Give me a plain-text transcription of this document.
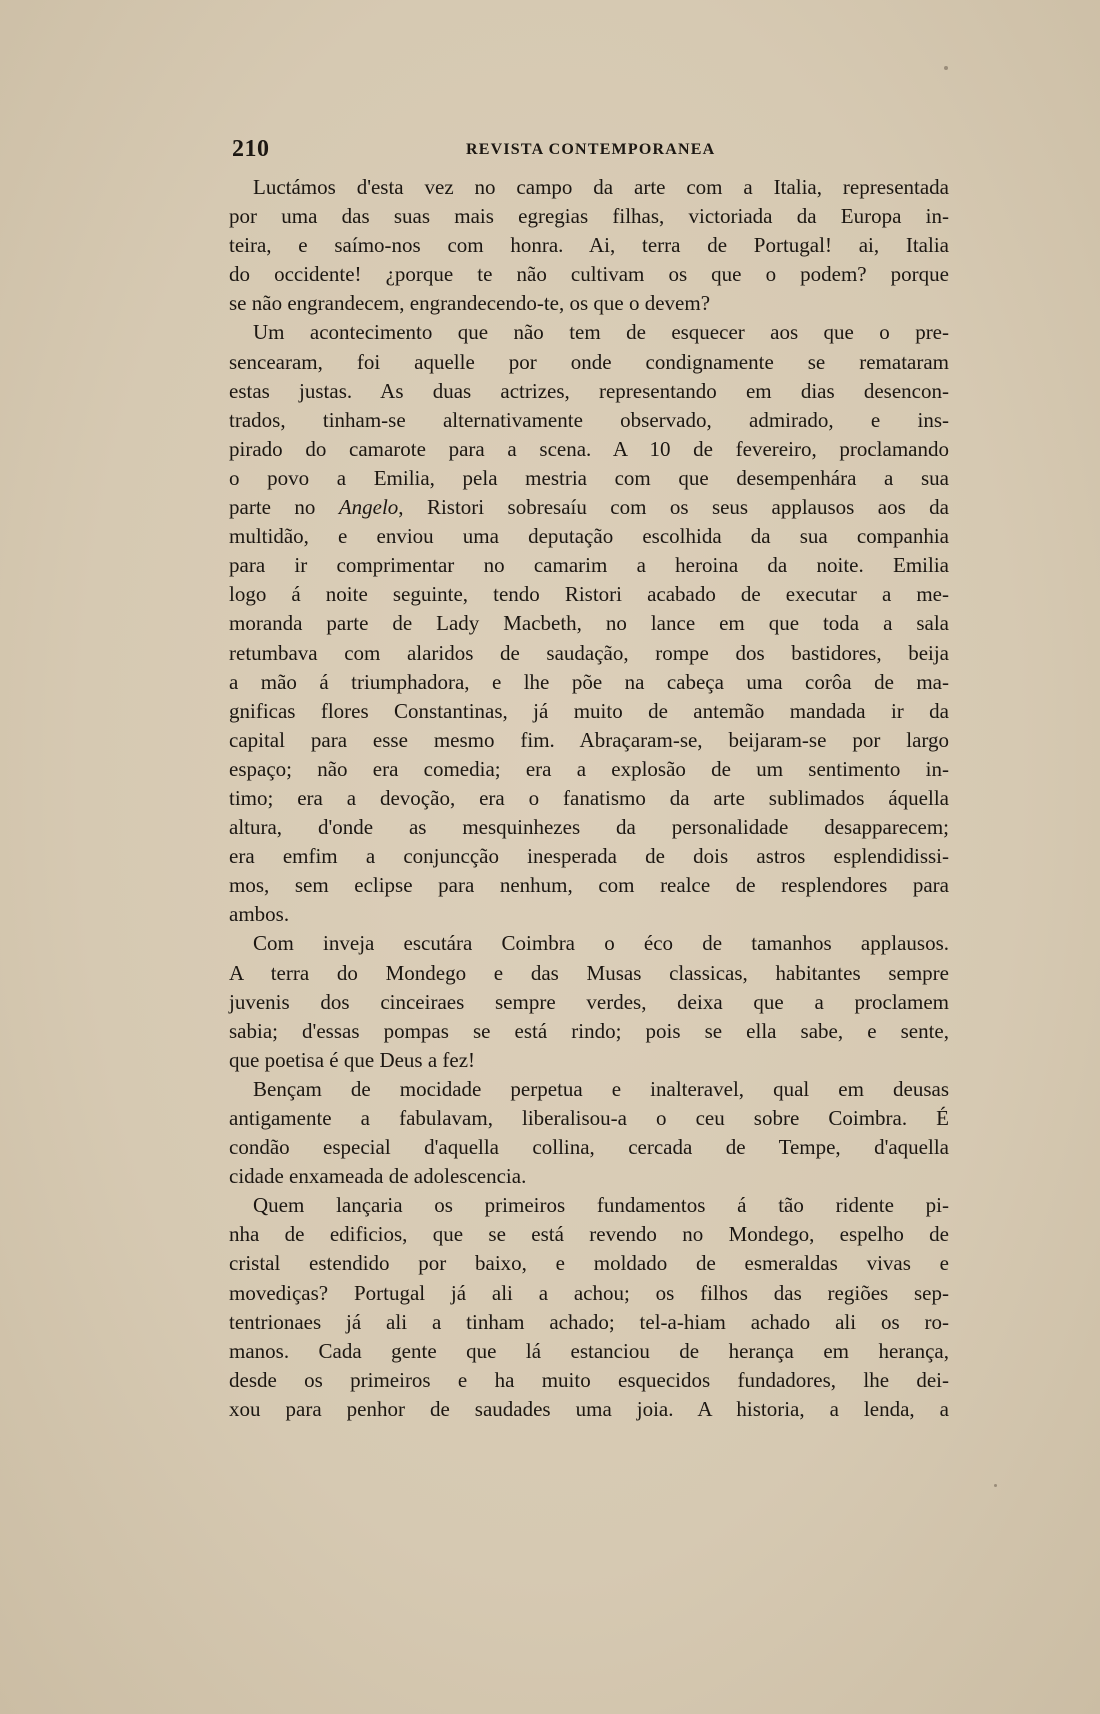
210	REVISTA CONTEMPORANEA
Luctámos d'esta vez no campo da arte com a Italia, representada
por uma das suas mais egregias filhas, victoriada da Europa in-
teira, e saímo-nos com honra. Ai, terra de Portugal! ai, Italia
do occidente! ¿porque te não cultivam os que o podem? porque
se não engrandecem, engrandecendo-te, os que o devem?
Um acontecimento que não tem de esquecer aos que o pre-
sencearam, foi aquelle por onde condignamente se remataram
estas justas. As duas actrizes, representando em dias desencon-
trados, tinham-se alternativamente observado, admirado, e ins-
pirado do camarote para a scena. A 10 de fevereiro, proclamando
o povo a Emilia, pela mestria com que desempenhára a sua
parte no Angelo, Ristori sobresaíu com os seus applausos aos da
multidão, e enviou uma deputação escolhida da sua companhia
para ir comprimentar no camarim a heroina da noite. Emilia
logo á noite seguinte, tendo Ristori acabado de executar a me-
moranda parte de Lady Macbeth, no lance em que toda a sala
retumbava com alaridos de saudação, rompe dos bastidores, beija
a mão á triumphadora, e lhe põe na cabeça uma corôa de ma-
gnificas flores Constantinas, já muito de antemão mandada ir da
capital para esse mesmo fim. Abraçaram-se, beijaram-se por largo
espaço; não era comedia; era a explosão de um sentimento in-
timo; era a devoção, era o fanatismo da arte sublimados áquella
altura, d'onde as mesquinhezes da personalidade desapparecem;
era emfim a conjuncção inesperada de dois astros esplendidissi-
mos, sem eclipse para nenhum, com realce de resplendores para
ambos.
Com inveja escutára Coimbra o éco de tamanhos applausos.
A terra do Mondego e das Musas classicas, habitantes sempre
juvenis dos cinceiraes sempre verdes, deixa que a proclamem
sabia; d'essas pompas se está rindo; pois se ella sabe, e sente,
que poetisa é que Deus a fez!
Bençam de mocidade perpetua e inalteravel, qual em deusas
antigamente a fabulavam, liberalisou-a o ceu sobre Coimbra. É
condão especial d'aquella collina, cercada de Tempe, d'aquella
cidade enxameada de adolescencia.
Quem lançaria os primeiros fundamentos á tão ridente pi-
nha de edificios, que se está revendo no Mondego, espelho de
cristal estendido por baixo, e moldado de esmeraldas vivas e
movediças? Portugal já ali a achou; os filhos das regiões sep-
tentrionaes já ali a tinham achado; tel-a-hiam achado ali os ro-
manos. Cada gente que lá estanciou de herança em herança,
desde os primeiros e ha muito esquecidos fundadores, lhe dei-
xou para penhor de saudades uma joia. A historia, a lenda, a
